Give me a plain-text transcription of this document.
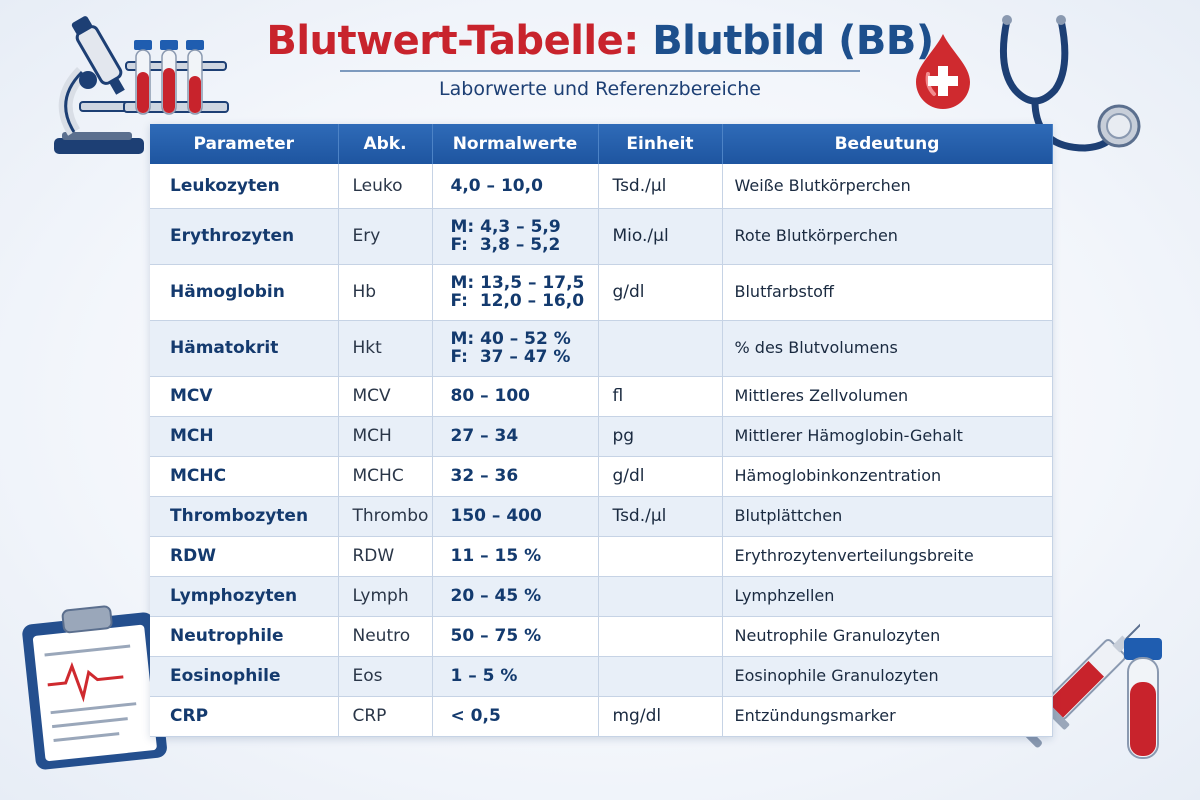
Blutwert-Tabelle: Blutbild (BB)
Laborwerte und Referenzbereiche
Parameter	Abk.	Normalwerte	Einheit	Bedeutung
Leukozyten	Leuko	4,0 – 10,0	Tsd./µl	Weiße Blutkörperchen
Erythrozyten	Ery	M: 4,3 – 5,9
F:  3,8 – 5,2	Mio./µl	Rote Blutkörperchen
Hämoglobin	Hb	M: 13,5 – 17,5
F:  12,0 – 16,0	g/dl	Blutfarbstoff
Hämatokrit	Hkt	M: 40 – 52 %
F:  37 – 47 %		% des Blutvolumens
MCV	MCV	80 – 100	fl	Mittleres Zellvolumen
MCH	MCH	27 – 34	pg	Mittlerer Hämoglobin-Gehalt
MCHC	MCHC	32 – 36	g/dl	Hämoglobinkonzentration
Thrombozyten	Thrombo	150 – 400	Tsd./µl	Blutplättchen
RDW	RDW	11 – 15 %		Erythrozytenverteilungsbreite
Lymphozyten	Lymph	20 – 45 %		Lymphzellen
Neutrophile	Neutro	50 – 75 %		Neutrophile Granulozyten
Eosinophile	Eos	1 – 5 %		Eosinophile Granulozyten
CRP	CRP	< 0,5	mg/dl	Entzündungsmarker
